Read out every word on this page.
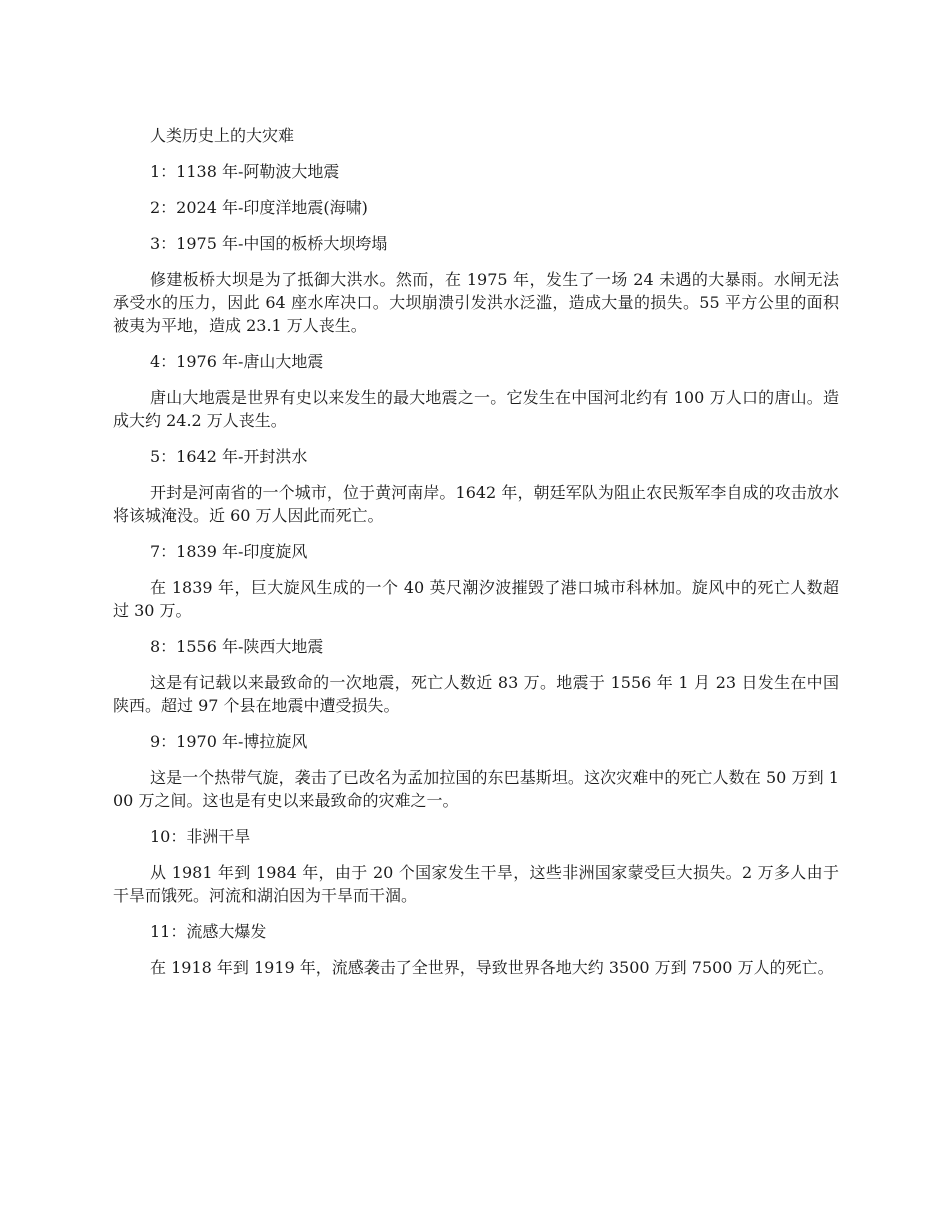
人类历史上的大灾难

1：1138 年-阿勒波大地震

2：2024 年-印度洋地震(海啸)

3：1975 年-中国的板桥大坝垮塌

修建板桥大坝是为了抵御大洪水。然而，在 1975 年，发生了一场 24 未遇的大暴雨。水闸无法承受水的压力，因此 64 座水库决口。大坝崩溃引发洪水泛滥，造成大量的损失。55 平方公里的面积被夷为平地，造成 23.1 万人丧生。

4：1976 年-唐山大地震

唐山大地震是世界有史以来发生的最大地震之一。它发生在中国河北约有 100 万人口的唐山。造成大约 24.2 万人丧生。

5：1642 年-开封洪水

开封是河南省的一个城市，位于黄河南岸。1642 年，朝廷军队为阻止农民叛军李自成的攻击放水将该城淹没。近 60 万人因此而死亡。

7：1839 年-印度旋风

在 1839 年，巨大旋风生成的一个 40 英尺潮汐波摧毁了港口城市科林加。旋风中的死亡人数超过 30 万。

8：1556 年-陕西大地震

这是有记载以来最致命的一次地震，死亡人数近 83 万。地震于 1556 年 1 月 23 日发生在中国陕西。超过 97 个县在地震中遭受损失。

9：1970 年-博拉旋风

这是一个热带气旋，袭击了已改名为孟加拉国的东巴基斯坦。这次灾难中的死亡人数在 50 万到 100 万之间。这也是有史以来最致命的灾难之一。

10：非洲干旱

从 1981 年到 1984 年，由于 20 个国家发生干旱，这些非洲国家蒙受巨大损失。2 万多人由于干旱而饿死。河流和湖泊因为干旱而干涸。

11：流感大爆发

在 1918 年到 1919 年，流感袭击了全世界，导致世界各地大约 3500 万到 7500 万人的死亡。
